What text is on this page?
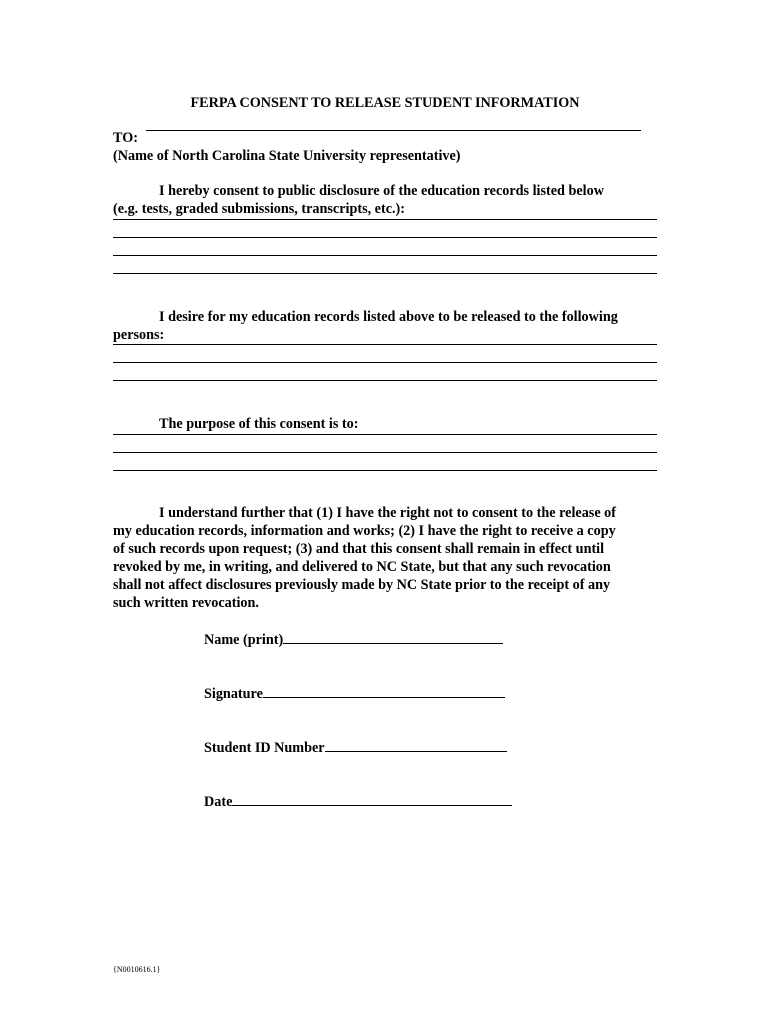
FERPA CONSENT TO RELEASE STUDENT INFORMATION
TO:
(Name of North Carolina State University representative)
I hereby consent to public disclosure of the education records listed below
(e.g. tests, graded submissions, transcripts, etc.):
I desire for my education records listed above to be released to the following
persons:
The purpose of this consent is to:
I understand further that (1) I have the right not to consent to the release of
my education records, information and works; (2) I have the right to receive a copy
of such records upon request; (3) and that this consent shall remain in effect until
revoked by me, in writing, and delivered to NC State, but that any such revocation
shall not affect disclosures previously made by NC State prior to the receipt of any
such written revocation.
Name (print)
Signature
Student ID Number
Date
{N0010616.1}
